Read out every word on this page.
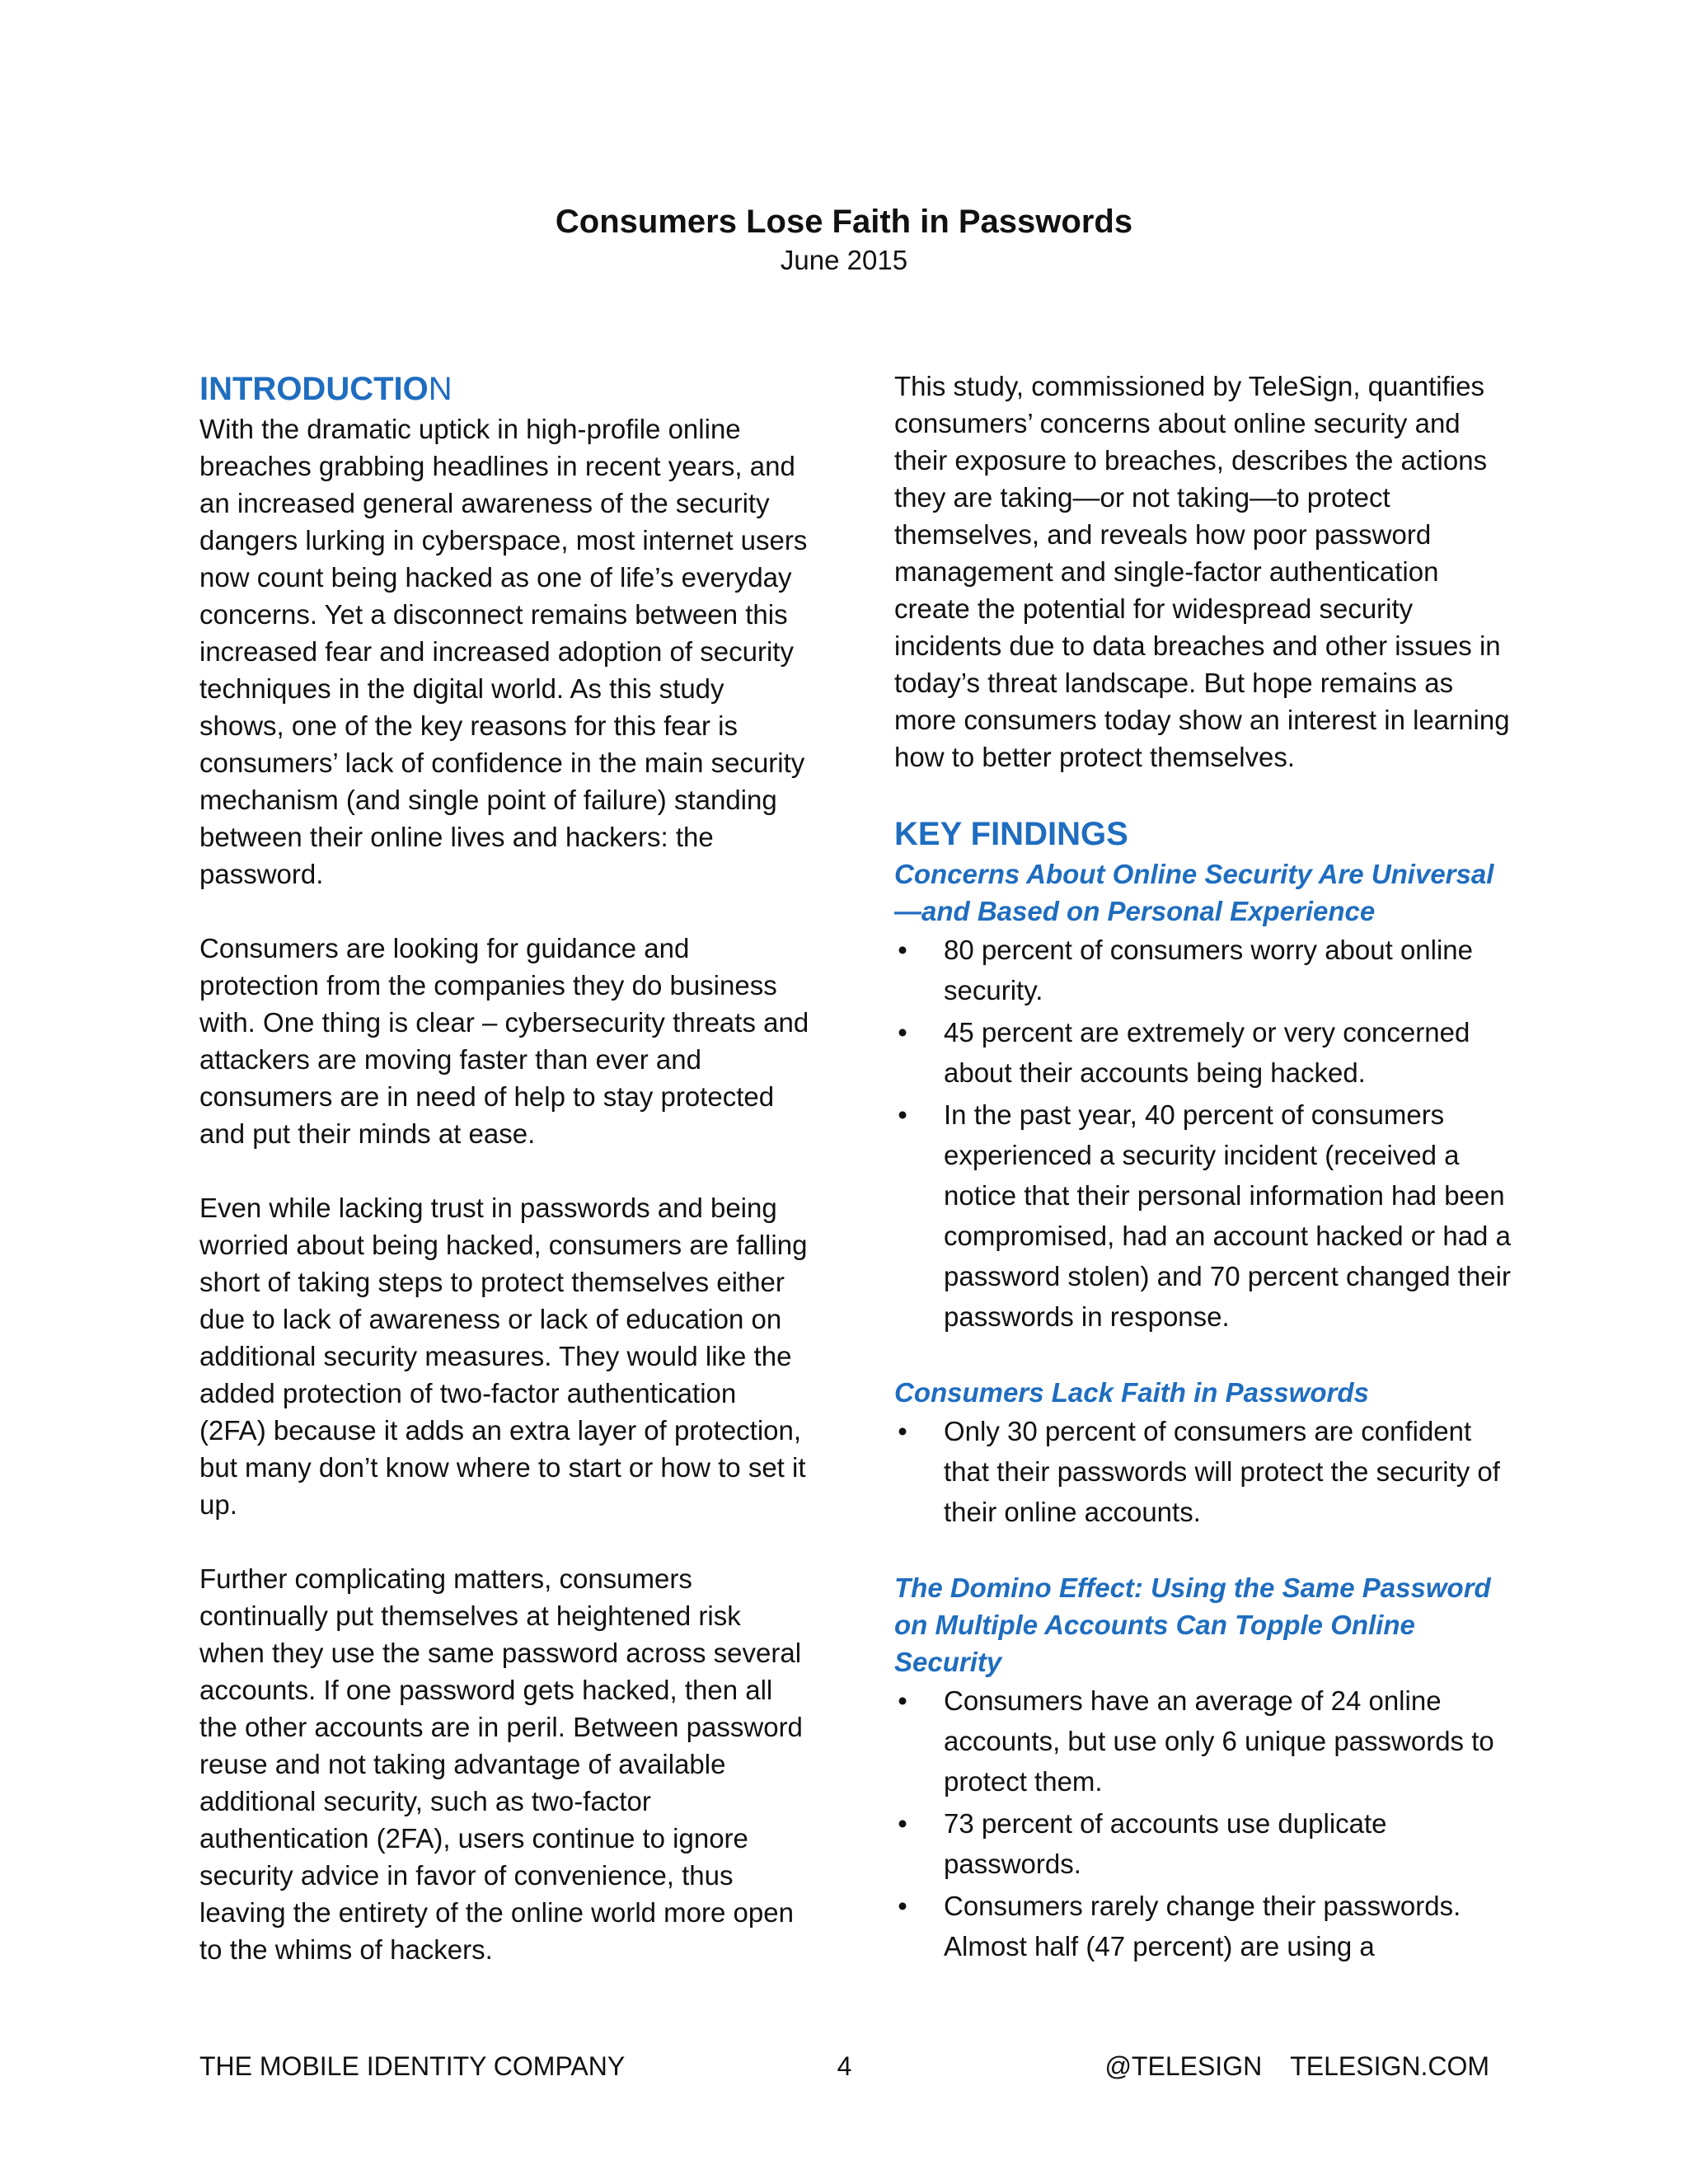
Consumers Lose Faith in Passwords

June 2015

INTRODUCTION

With the dramatic uptick in high-profile online breaches grabbing headlines in recent years, and an increased general awareness of the security dangers lurking in cyberspace, most internet users now count being hacked as one of life’s everyday concerns. Yet a disconnect remains between this increased fear and increased adoption of security techniques in the digital world. As this study shows, one of the key reasons for this fear is consumers’ lack of confidence in the main security mechanism (and single point of failure) standing between their online lives and hackers: the password.

Consumers are looking for guidance and protection from the companies they do business with. One thing is clear – cybersecurity threats and attackers are moving faster than ever and consumers are in need of help to stay protected and put their minds at ease.

Even while lacking trust in passwords and being worried about being hacked, consumers are falling short of taking steps to protect themselves either due to lack of awareness or lack of education on additional security measures. They would like the added protection of two-factor authentication (2FA) because it adds an extra layer of protection, but many don’t know where to start or how to set it up.

Further complicating matters, consumers continually put themselves at heightened risk when they use the same password across several accounts. If one password gets hacked, then all the other accounts are in peril. Between password reuse and not taking advantage of available additional security, such as two-factor authentication (2FA), users continue to ignore security advice in favor of convenience, thus leaving the entirety of the online world more open to the whims of hackers.

This study, commissioned by TeleSign, quantifies consumers’ concerns about online security and their exposure to breaches, describes the actions they are taking—or not taking—to protect themselves, and reveals how poor password management and single-factor authentication create the potential for widespread security incidents due to data breaches and other issues in today’s threat landscape. But hope remains as more consumers today show an interest in learning how to better protect themselves.

KEY FINDINGS
Concerns About Online Security Are Universal—and Based on Personal Experience
• 80 percent of consumers worry about online security.
• 45 percent are extremely or very concerned about their accounts being hacked.
• In the past year, 40 percent of consumers experienced a security incident (received a notice that their personal information had been compromised, had an account hacked or had a password stolen) and 70 percent changed their passwords in response.
Consumers Lack Faith in Passwords
• Only 30 percent of consumers are confident that their passwords will protect the security of their online accounts.
The Domino Effect: Using the Same Password on Multiple Accounts Can Topple Online Security
• Consumers have an average of 24 online accounts, but use only 6 unique passwords to protect them.
• 73 percent of accounts use duplicate passwords.
• Consumers rarely change their passwords. Almost half (47 percent) are using a
THE MOBILE IDENTITY COMPANY	4	@TELESIGN TELESIGN.COM
